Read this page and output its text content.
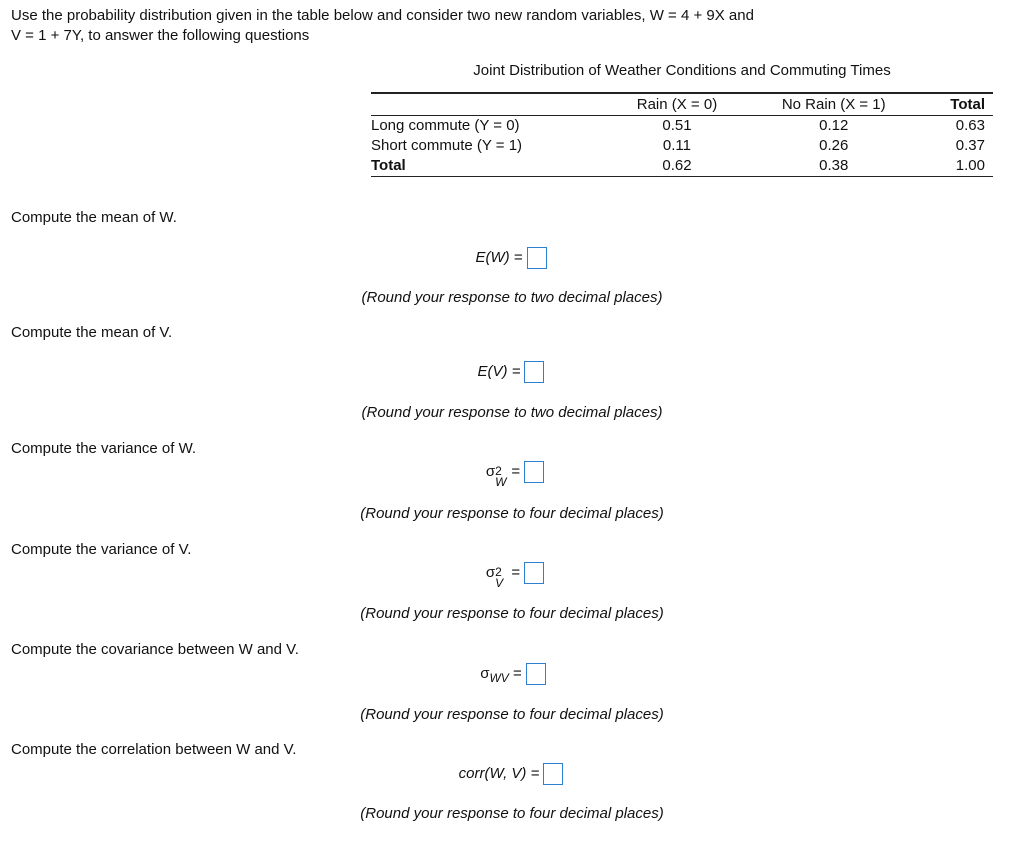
Use the probability distribution given in the table below and consider two new random variables, W = 4 + 9X and
V = 1 + 7Y, to answer the following questions
Joint Distribution of Weather Conditions and Commuting Times
	Rain (X = 0)	No Rain (X = 1)	Total
Long commute (Y = 0)	0.51	0.12	0.63
Short commute (Y = 1)	0.11	0.26	0.37
Total	0.62	0.38	1.00
Compute the mean of W.
E(W) =
(Round your response to two decimal places)
Compute the mean of V.
E(V) =
(Round your response to two decimal places)
Compute the variance of W.
σ 2
W
=
(Round your response to four decimal places)
Compute the variance of V.
σ 2
V
=
(Round your response to four decimal places)
Compute the covariance between W and V.
$\sigma_{WV}$ =
(Round your response to four decimal places)
Compute the correlation between W and V.
corr(W, V) =
(Round your response to four decimal places)
